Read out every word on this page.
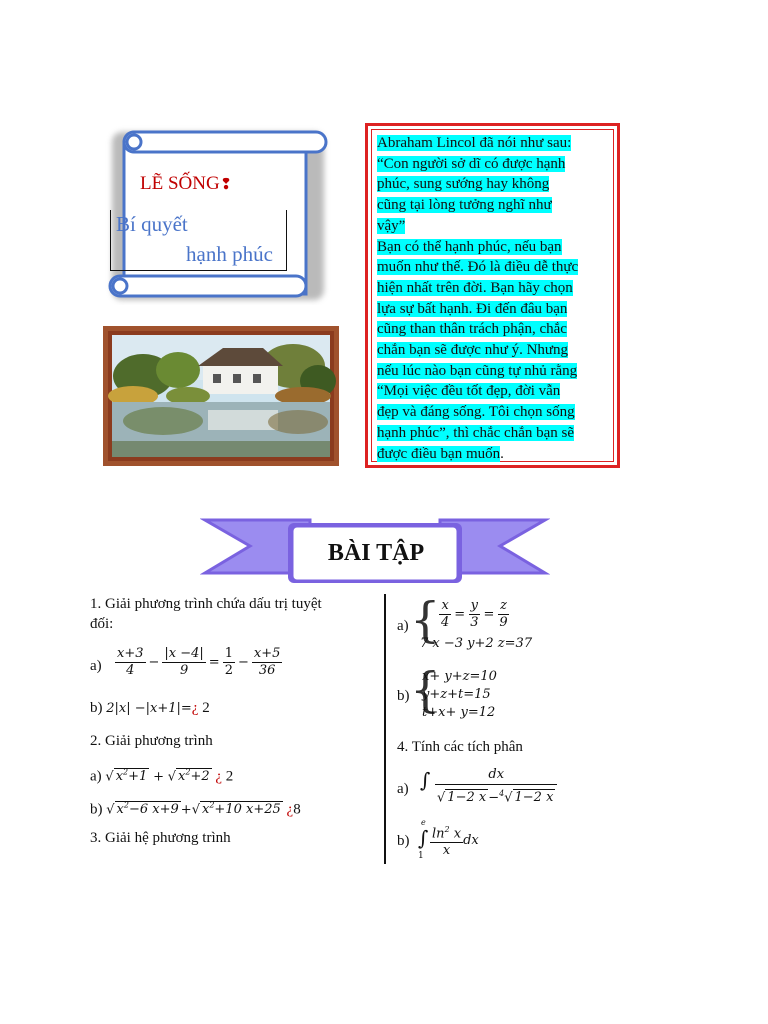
LẼ SỐNG❢
Bí quyết
hạnh phúc

Abraham Lincol đã nói như sau:
“Con người sở dĩ có được hạnh
phúc, sung sướng hay không
cũng tại lòng tưởng nghĩ như
vậy”
Bạn có thể hạnh phúc, nếu bạn
muốn như thế. Đó là điều dễ thực
hiện nhất trên đời. Bạn hãy chọn
lựa sự bất hạnh. Đi đến đâu bạn
cũng than thân trách phận, chắc
chắn bạn sẽ được như ý. Nhưng
nếu lúc nào bạn cũng tự nhủ rằng
“Mọi việc đều tốt đẹp, đời vẫn
đẹp và đáng sống. Tôi chọn sống
hạnh phúc”, thì chắc chắn bạn sẽ
được điều bạn muốn.

BÀI TẬP
1. Giải phương trình chứa dấu trị tuyệt
đối:
$a) \frac{x+3}{4} - \frac{|x -4|}{9} = \frac{1}{2} - \frac{x+5}{36}$
b) 2|x| −|x+1|=¿ 2
2. Giải phương trình
a) √ $x^2+1$ + √ $x^2+2$ ¿ 2
b) √ $x^2-6$ x+9 +√ $x^2+10$ x+25 ¿8
3. Giải hệ phương trình
a) {
$\frac{x}{4} = \frac{y}{3} = \frac{z}{9}$
7 x −3 y+2 z=37
b) {
x+ y+z=10
y+z+t=15
t+x+ y=12
4. Tính các tích phân
a) ∫ $\frac{dx}{√ 1-2 x -^4√ 1-2 x}$
b) ∫
e
$1 \frac{\ln^2 x}{x}$ dx
